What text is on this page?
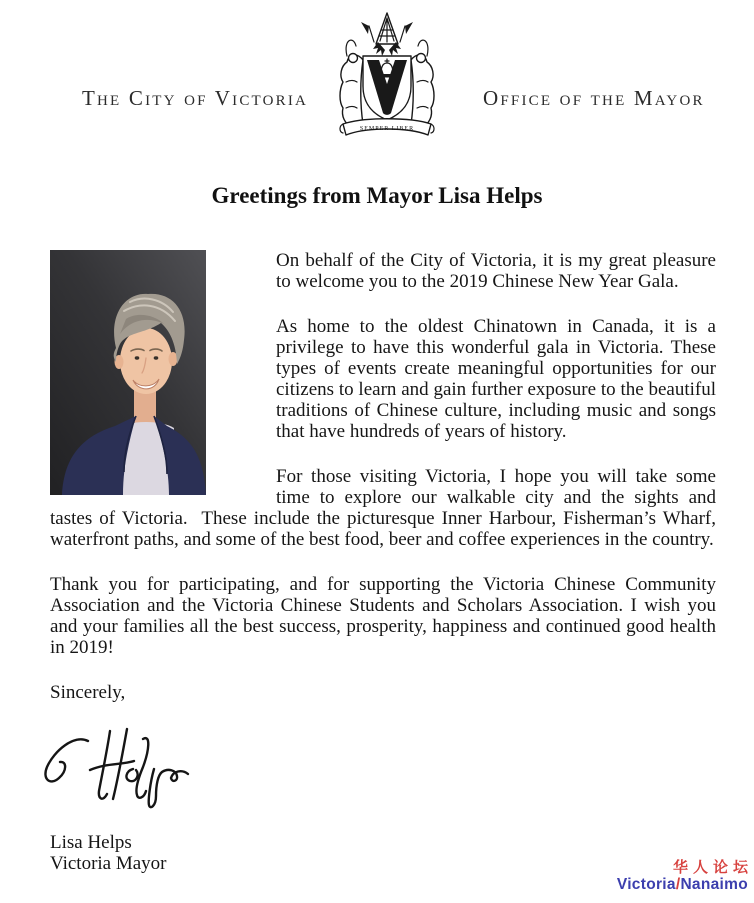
The City of Victoria
SEMPER LIBER
Office of the Mayor
Greetings from Mayor Lisa Helps

On behalf of the City of Victoria, it is my great pleasure to welcome you to the 2019 Chinese New Year Gala.

As home to the oldest Chinatown in Canada, it is a privilege to have this wonderful gala in Victoria. These types of events create meaningful opportunities for our citizens to learn and gain further exposure to the beautiful traditions of Chinese culture, including music and songs that have hundreds of years of history.

For those visiting Victoria, I hope you will take some time to explore our walkable city and the sights and tastes of Victoria.  These include the picturesque Inner Harbour, Fisherman’s Wharf, waterfront paths, and some of the best food, beer and coffee experiences in the country.

Thank you for participating, and for supporting the Victoria Chinese Community Association and the Victoria Chinese Students and Scholars Association. I wish you and your families all the best success, prosperity, happiness and continued good health in 2019!

Sincerely,

Lisa Helps
Victoria Mayor	华人论坛
Victoria/Nanaimo
